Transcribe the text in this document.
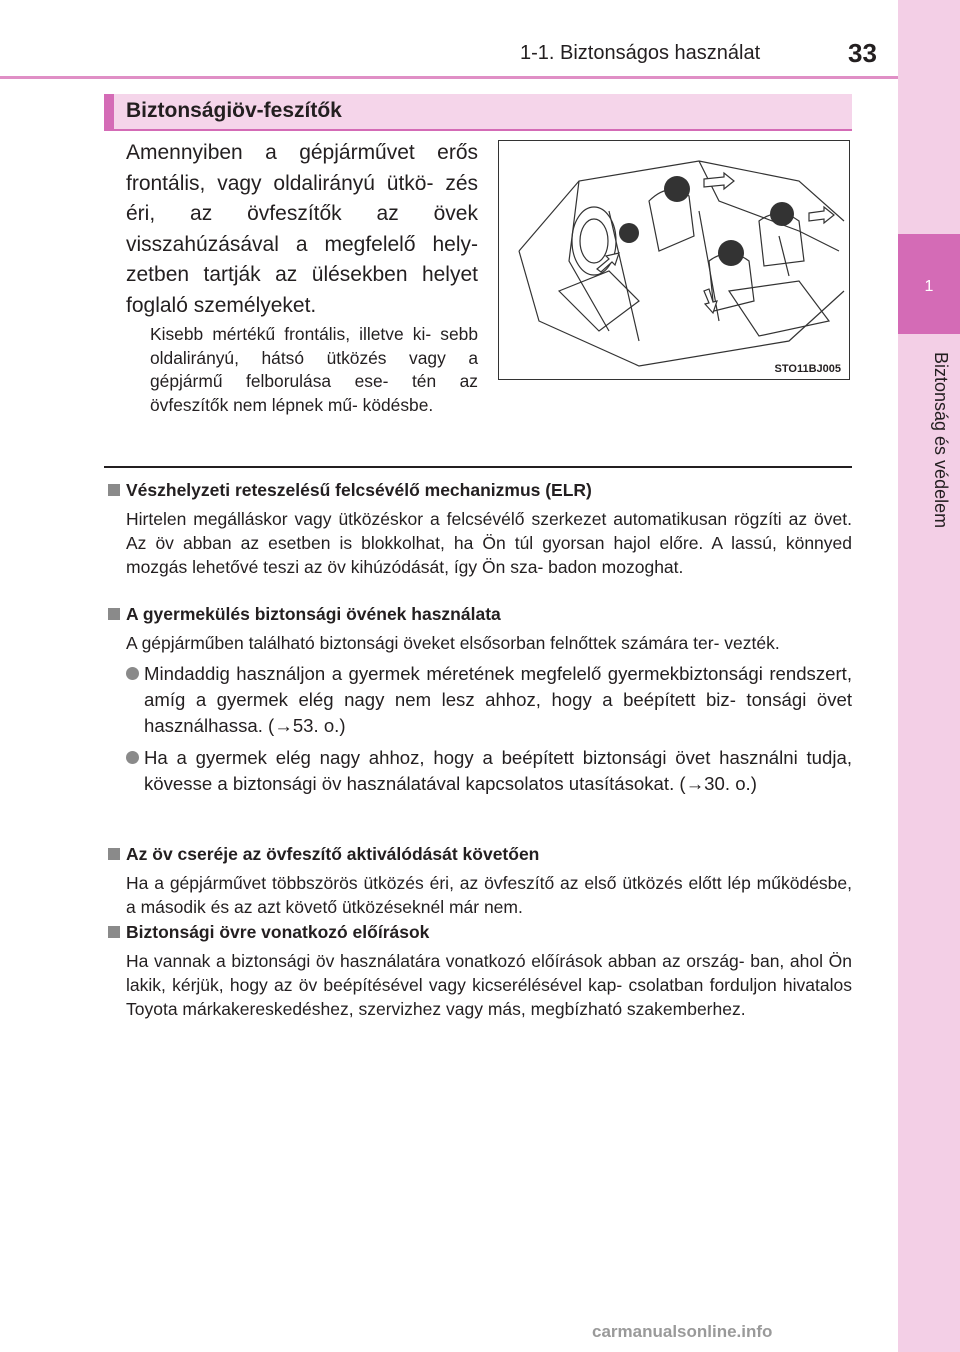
1-1. Biztonságos használat	33
1
Biztonság és védelem
Biztonságiöv-feszítők
Amennyiben a gépjárművet erős frontális, vagy oldalirányú ütkö- zés éri, az övfeszítők az övek visszahúzásával a megfelelő hely- zetben tartják az ülésekben helyet foglaló személyeket.
Kisebb mértékű frontális, illetve ki- sebb oldalirányú, hátsó ütközés vagy a gépjármű felborulása ese- tén az övfeszítők nem lépnek mű- ködésbe.
STO11BJ005
Vészhelyzeti reteszelésű felcsévélő mechanizmus (ELR)
Hirtelen megálláskor vagy ütközéskor a felcsévélő szerkezet automatikusan rögzíti az övet. Az öv abban az esetben is blokkolhat, ha Ön túl gyorsan hajol előre. A lassú, könnyed mozgás lehetővé teszi az öv kihúzódását, így Ön sza- badon mozoghat.
A gyermekülés biztonsági övének használata
A gépjárműben található biztonsági öveket elsősorban felnőttek számára ter- vezték.
Mindaddig használjon a gyermek méretének megfelelő gyermekbiztonsági rendszert, amíg a gyermek elég nagy nem lesz ahhoz, hogy a beépített biz- tonsági övet használhassa. (→53. o.)
Ha a gyermek elég nagy ahhoz, hogy a beépített biztonsági övet használni tudja, kövesse a biztonsági öv használatával kapcsolatos utasításokat. (→30. o.)
Az öv cseréje az övfeszítő aktiválódását követően
Ha a gépjárművet többszörös ütközés éri, az övfeszítő az első ütközés előtt lép működésbe, a második és az azt követő ütközéseknél már nem.
Biztonsági övre vonatkozó előírások
Ha vannak a biztonsági öv használatára vonatkozó előírások abban az ország- ban, ahol Ön lakik, kérjük, hogy az öv beépítésével vagy kicserélésével kap- csolatban forduljon hivatalos Toyota márkakereskedéshez, szervizhez vagy más, megbízható szakemberhez.
carmanualsonline.info
